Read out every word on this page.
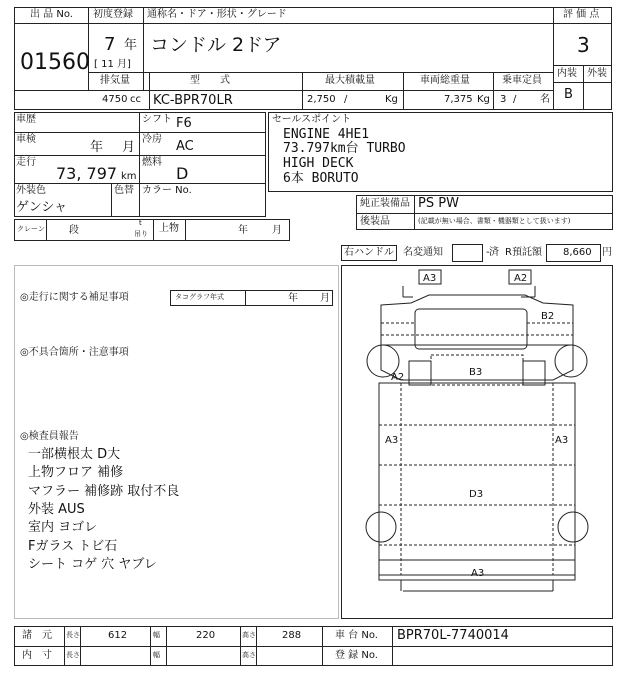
出 品 No.
01560
初度登録
7 年
[ 11 月]
通称名・ドア・形状・グレード
コンドル 2ドア
評 価 点
3
内装 外装
B
排気量
4750 cc
型　　式
KC-BPR70LR
最大積載量
2,750 /	Kg
車両総重量
7,375 Kg
乗車定員
3 / 名
車歴	シフト F6
車検
年 月
冷房 AC
走行
73, 797 km
燃料
D
外装色
ゲンシャ
色替 カラー No.
セールスポイント
ENGINE 4HE1
73.797km台 TURBO
HIGH DECK
6本 BORUTO
純正装備品 PS PW
後装品	(記載が無い場合、書類・機器類として扱います)
クレーン 段
t
吊り 上物	年 月
右ハンドル 名変通知	- 済 R預託額 8,660 円
◎走行に関する補足事項	タコグラフ年式	年 月
◎不具合箇所・注意事項
◎検査員報告
一部横根太 D大
上物フロア 補修
マフラー 補修跡 取付不良
外装 AUS
室内 ヨゴレ
Fガラス トビ石
シート コゲ 穴 ヤブレ
A3	A2
B2
A2	B3
A3	A3
D3
A3
諸　元 長さ	612	幅	220	高さ	288	車 台 No. BPR70L-7740014
内　寸 長さ	幅	高さ	登 録 No.
